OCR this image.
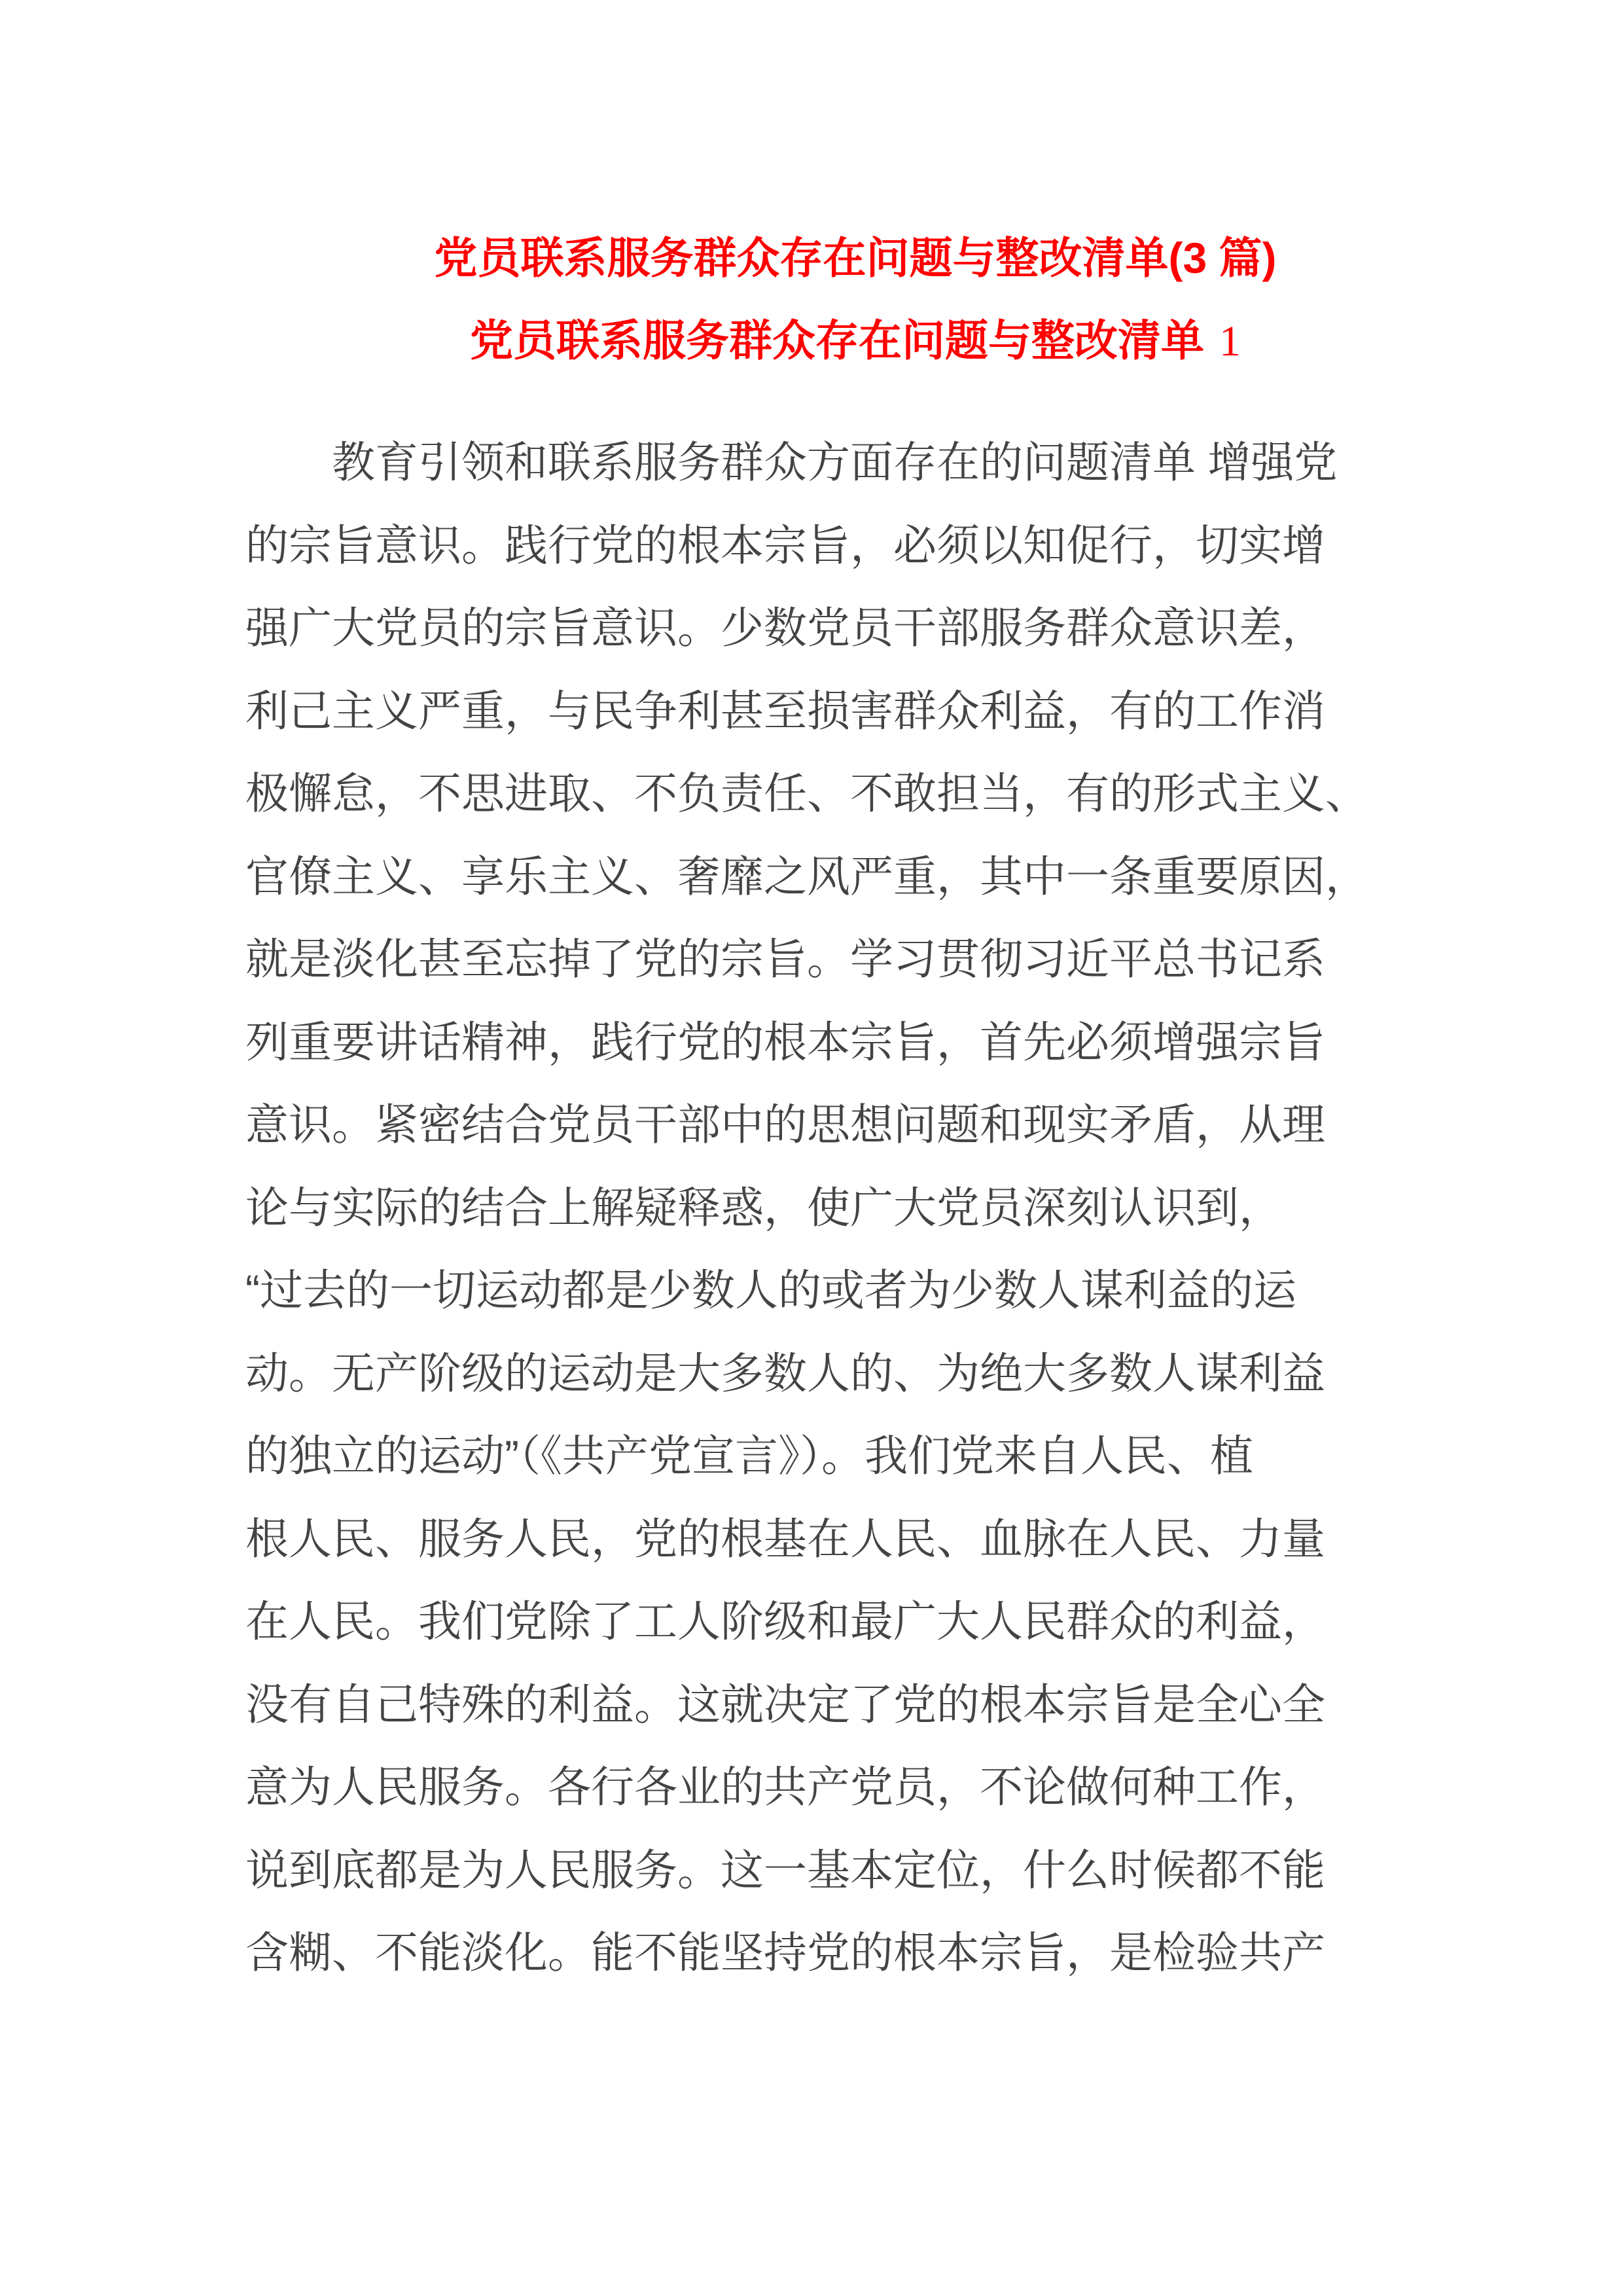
党员联系服务群众存在问题与整改清单(3 篇)
党员联系服务群众存在问题与整改清单 1
教育引领和联系服务群众方面存在的问题清单 增强党
的宗旨意识。践行党的根本宗旨，必须以知促行，切实增
强广大党员的宗旨意识。少数党员干部服务群众意识差，
利己主义严重，与民争利甚至损害群众利益，有的工作消
极懈怠，不思进取、不负责任、不敢担当，有的形式主义、
官僚主义、享乐主义、奢靡之风严重，其中一条重要原因，
就是淡化甚至忘掉了党的宗旨。学习贯彻习近平总书记系
列重要讲话精神，践行党的根本宗旨，首先必须增强宗旨
意识。紧密结合党员干部中的思想问题和现实矛盾，从理
论与实际的结合上解疑释惑，使广大党员深刻认识到，
“过去的一切运动都是少数人的或者为少数人谋利益的运
动。无产阶级的运动是大多数人的、为绝大多数人谋利益
的独立的运动”（《共产党宣言》）。我们党来自人民、植
根人民、服务人民，党的根基在人民、血脉在人民、力量
在人民。我们党除了工人阶级和最广大人民群众的利益，
没有自己特殊的利益。这就决定了党的根本宗旨是全心全
意为人民服务。各行各业的共产党员，不论做何种工作，
说到底都是为人民服务。这一基本定位，什么时候都不能
含糊、不能淡化。能不能坚持党的根本宗旨，是检验共产
